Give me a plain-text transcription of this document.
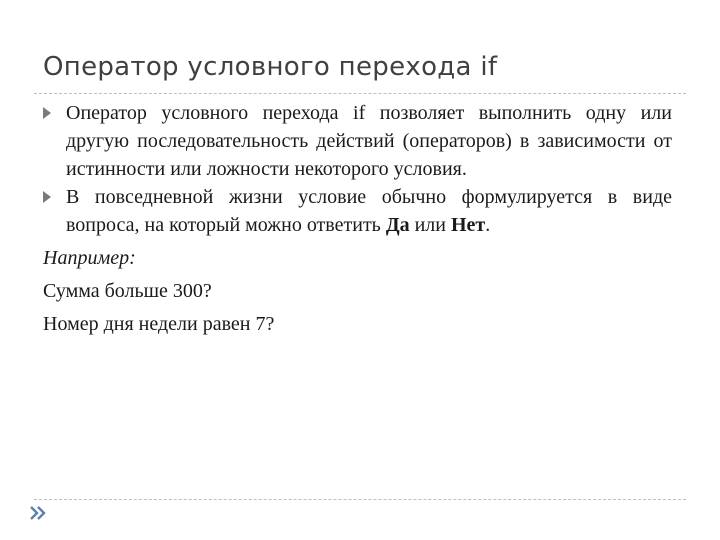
Оператор условного перехода if
Оператор условного перехода if позволяет выполнить одну или другую последовательность действий (операторов) в зависимости от истинности или ложности некоторого условия.
В повседневной жизни условие обычно формулируется в виде вопроса, на который можно ответить Да или Нет.
Например:
Сумма больше 300?
Номер дня недели равен 7?
